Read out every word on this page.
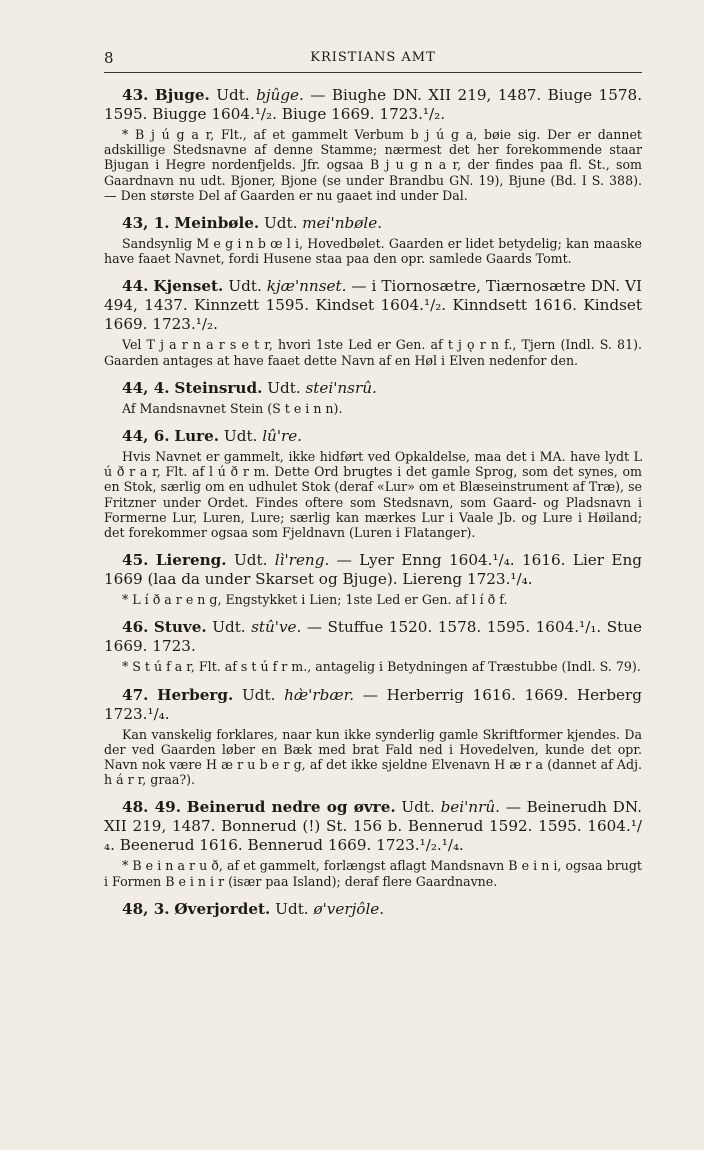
8	KRISTIANS AMT
43. Bjuge. Udt. bjûge. — Biughe DN. XII 219, 1487. Biuge 1578. 1595. Biugge 1604.¹/₂. Biuge 1669. 1723.¹/₂.
* B j ú g a r, Flt., af et gammelt Verbum b j ú g a, bøie sig. Der er dannet adskillige Stedsnavne af denne Stamme; nærmest det her forekommende staar Bjugan i Hegre nordenfjelds. Jfr. ogsaa B j u g n a r, der findes paa fl. St., som Gaardnavn nu udt. Bjoner, Bjone (se under Brandbu GN. 19), Bjune (Bd. I S. 388). — Den største Del af Gaarden er nu gaaet ind under Dal.
43, 1. Meinbøle. Udt. mei'nbøle.
Sandsynlig M e g i n b œ l i, Hovedbølet. Gaarden er lidet betydelig; kan maaske have faaet Navnet, fordi Husene staa paa den opr. samlede Gaards Tomt.
44. Kjenset. Udt. kjæ'nnset. — i Tiornosætre, Tiærnosætre DN. VI 494, 1437. Kinnzett 1595. Kindset 1604.¹/₂. Kinndsett 1616. Kindset 1669. 1723.¹/₂.
Vel T j a r n a r s e t r, hvori 1ste Led er Gen. af t j ǫ r n f., Tjern (Indl. S. 81). Gaarden antages at have faaet dette Navn af en Høl i Elven nedenfor den.
44, 4. Steinsrud. Udt. stei'nsrû.
Af Mandsnavnet Stein (S t e i n n).
44, 6. Lure. Udt. lû're.
Hvis Navnet er gammelt, ikke hidført ved Opkaldelse, maa det i MA. have lydt L ú ð r a r, Flt. af l ú ð r m. Dette Ord brugtes i det gamle Sprog, som det synes, om en Stok, særlig om en udhulet Stok (deraf «Lur» om et Blæseinstrument af Træ), se Fritzner under Ordet. Findes oftere som Stedsnavn, som Gaard- og Pladsnavn i Formerne Lur, Luren, Lure; særlig kan mærkes Lur i Vaale Jb. og Lure i Høiland; det forekommer ogsaa som Fjeldnavn (Luren i Flatanger).
45. Liereng. Udt. lì'reng. — Lyer Enng 1604.¹/₄. 1616. Lier Eng 1669 (laa da under Skarset og Bjuge). Liereng 1723.¹/₄.
* L í ð a r e n g, Engstykket i Lien; 1ste Led er Gen. af l í ð f.
46. Stuve. Udt. stû've. — Stuffue 1520. 1578. 1595. 1604.¹/₁. Stue 1669. 1723.
* S t ú f a r, Flt. af s t ú f r m., antagelig i Betydningen af Træstubbe (Indl. S. 79).
47. Herberg. Udt. hæ̀'rbær. — Herberrig 1616. 1669. Herberg 1723.¹/₄.
Kan vanskelig forklares, naar kun ikke synderlig gamle Skriftformer kjendes. Da der ved Gaarden løber en Bæk med brat Fald ned i Hovedelven, kunde det opr. Navn nok være H æ r u b e r g, af det ikke sjeldne Elvenavn H æ r a (dannet af Adj. h á r r, graa?).
48. 49. Beinerud nedre og øvre. Udt. bei'nrû. — Beinerudh DN. XII 219, 1487. Bonnerud (!) St. 156 b. Bennerud 1592. 1595. 1604.¹/₄. Beenerud 1616. Bennerud 1669. 1723.¹/₂.¹/₄.
* B e i n a r u ð, af et gammelt, forlængst aflagt Mandsnavn B e i n i, ogsaa brugt i Formen B e i n i r (især paa Island); deraf flere Gaardnavne.
48, 3. Øverjordet. Udt. ø'verjôle.
